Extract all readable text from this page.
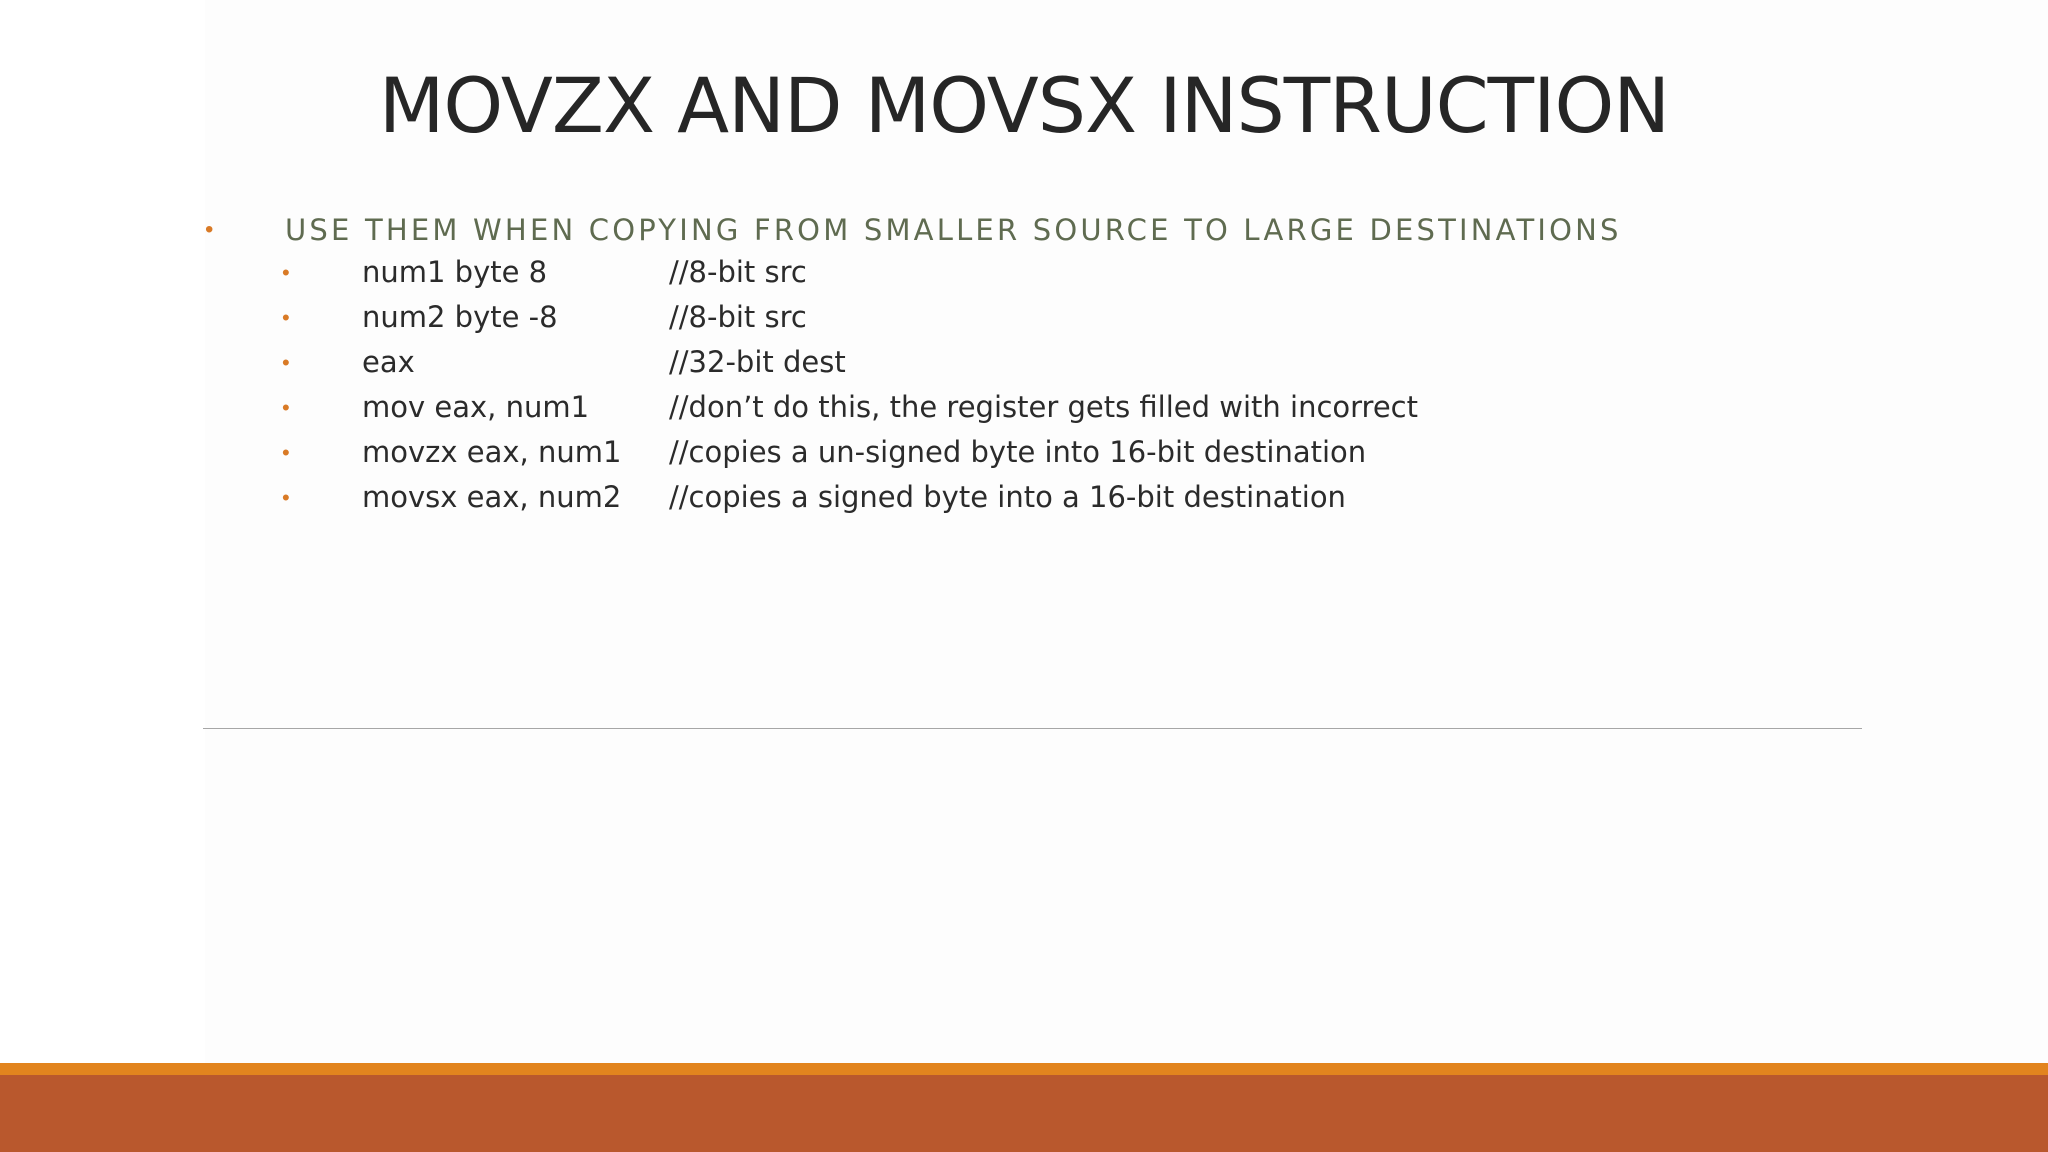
MOVZX AND MOVSX INSTRUCTION
• USE THEM WHEN COPYING FROM SMALLER SOURCE TO LARGE DESTINATIONS
• num1 byte 8	//8-bit src
• num2 byte -8	//8-bit src
• eax	//32-bit dest
• mov eax, num1	//don’t do this, the register gets filled with incorrect
• movzx eax, num1 //copies a un-signed byte into 16-bit destination
• movsx eax, num2 //copies a signed byte into a 16-bit destination
